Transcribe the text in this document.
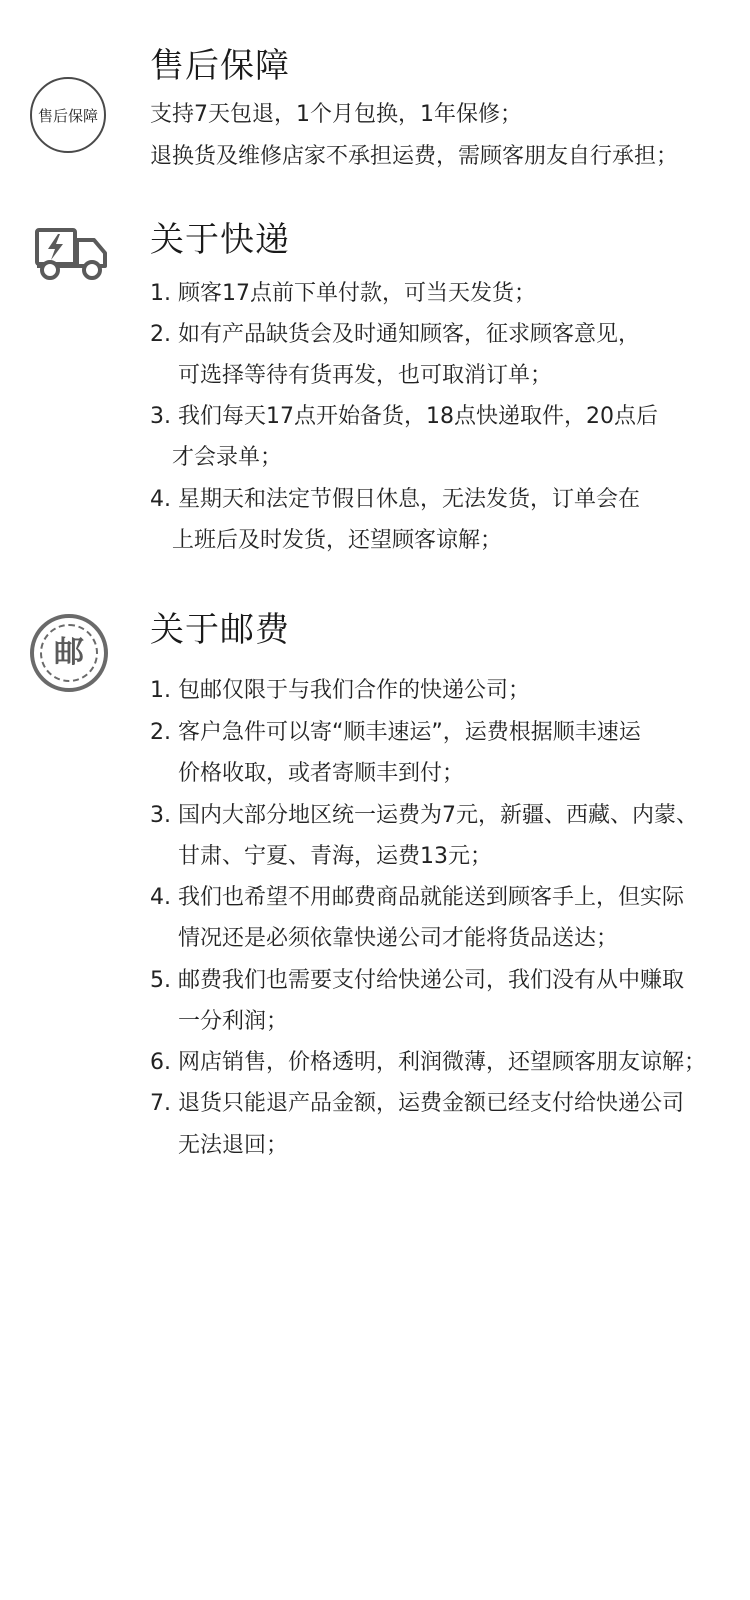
售后保障
售后保障
支持7天包退，1个月包换，1年保修；
退换货及维修店家不承担运费，需顾客朋友自行承担；
关于快递
1. 顾客17点前下单付款，可当天发货；
2. 如有产品缺货会及时通知顾客，征求顾客意见，
可选择等待有货再发，也可取消订单；
3. 我们每天17点开始备货，18点快递取件，20点后
才会录单；
4. 星期天和法定节假日休息，无法发货，订单会在
上班后及时发货，还望顾客谅解；
邮
关于邮费
1. 包邮仅限于与我们合作的快递公司；
2. 客户急件可以寄“顺丰速运”，运费根据顺丰速运
价格收取，或者寄顺丰到付；
3. 国内大部分地区统一运费为7元，新疆、西藏、内蒙、
甘肃、宁夏、青海，运费13元；
4. 我们也希望不用邮费商品就能送到顾客手上，但实际
情况还是必须依靠快递公司才能将货品送达；
5. 邮费我们也需要支付给快递公司，我们没有从中赚取
一分利润；
6. 网店销售，价格透明，利润微薄，还望顾客朋友谅解；
7. 退货只能退产品金额，运费金额已经支付给快递公司
无法退回；
